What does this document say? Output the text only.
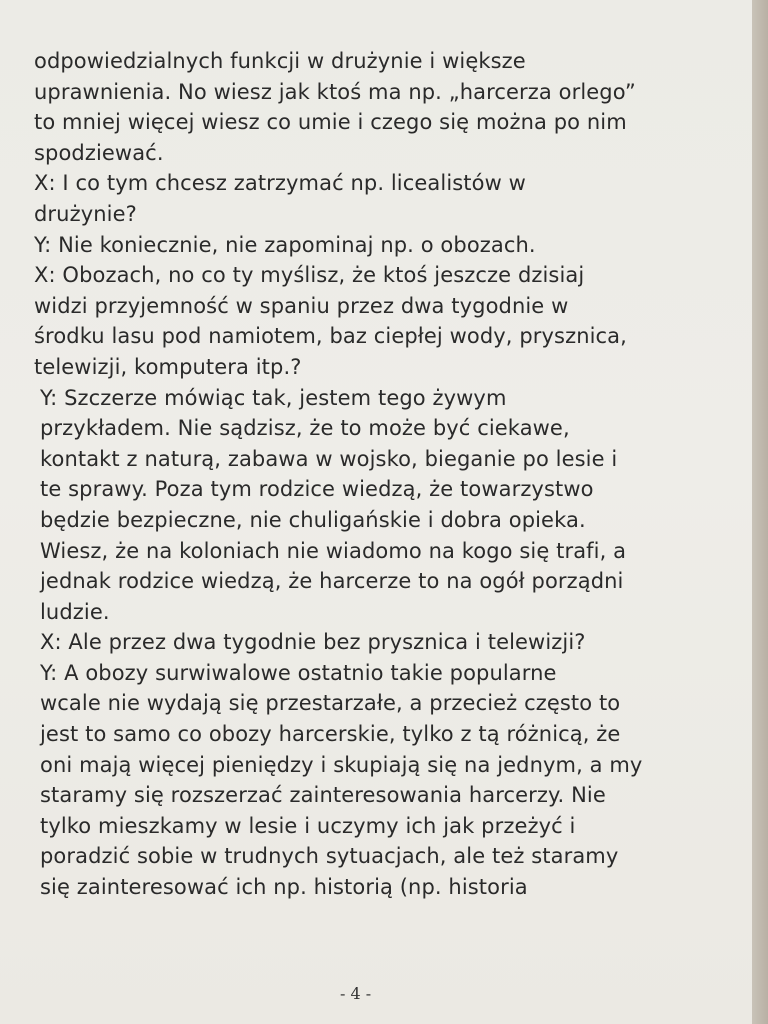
odpowiedzialnych funkcji w drużynie i większe
uprawnienia. No wiesz jak ktoś ma np. „harcerza orlego”
to mniej więcej wiesz co umie i czego się można po nim
spodziewać.
X: I co tym chcesz zatrzymać np. licealistów w
drużynie?
Y: Nie koniecznie, nie zapominaj np. o obozach.
X: Obozach, no co ty myślisz, że ktoś jeszcze dzisiaj
widzi przyjemność w spaniu przez dwa tygodnie w
środku lasu pod namiotem, baz ciepłej wody, prysznica,
telewizji, komputera itp.?
Y: Szczerze mówiąc tak, jestem tego żywym
przykładem. Nie sądzisz, że to może być ciekawe,
kontakt z naturą, zabawa w wojsko, bieganie po lesie i
te sprawy. Poza tym rodzice wiedzą, że towarzystwo
będzie bezpieczne, nie chuligańskie i dobra opieka.
Wiesz, że na koloniach nie wiadomo na kogo się trafi, a
jednak rodzice wiedzą, że harcerze to na ogół porządni
ludzie.
X: Ale przez dwa tygodnie bez prysznica i telewizji?
Y: A obozy surwiwalowe ostatnio takie popularne
wcale nie wydają się przestarzałe, a przecież często to
jest to samo co obozy harcerskie, tylko z tą różnicą, że
oni mają więcej pieniędzy i skupiają się na jednym, a my
staramy się rozszerzać zainteresowania harcerzy. Nie
tylko mieszkamy w lesie i uczymy ich jak przeżyć i
poradzić sobie w trudnych sytuacjach, ale też staramy
się zainteresować ich np. historią (np. historia
- 4 -
